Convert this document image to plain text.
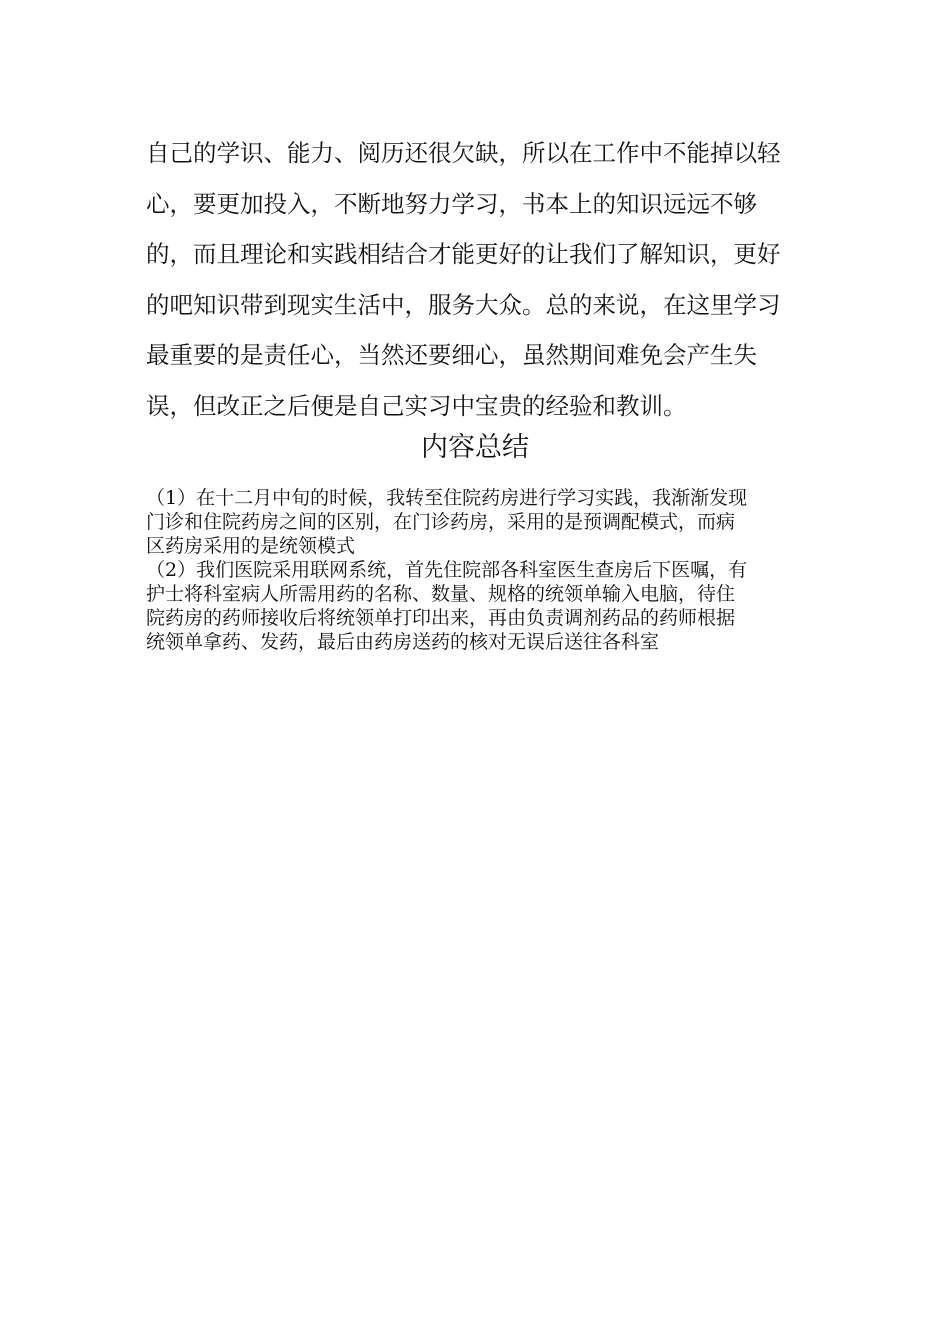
自己的学识、能力、阅历还很欠缺，所以在工作中不能掉以轻
心，要更加投入，不断地努力学习，书本上的知识远远不够
的，而且理论和实践相结合才能更好的让我们了解知识，更好
的吧知识带到现实生活中，服务大众。总的来说，在这里学习
最重要的是责任心，当然还要细心，虽然期间难免会产生失
误，但改正之后便是自己实习中宝贵的经验和教训。
内容总结
（1）在十二月中旬的时候，我转至住院药房进行学习实践，我渐渐发现
门诊和住院药房之间的区别，在门诊药房，采用的是预调配模式，而病
区药房采用的是统领模式
（2）我们医院采用联网系统，首先住院部各科室医生查房后下医嘱，有
护士将科室病人所需用药的名称、数量、规格的统领单输入电脑，待住
院药房的药师接收后将统领单打印出来，再由负责调剂药品的药师根据
统领单拿药、发药，最后由药房送药的核对无误后送往各科室
